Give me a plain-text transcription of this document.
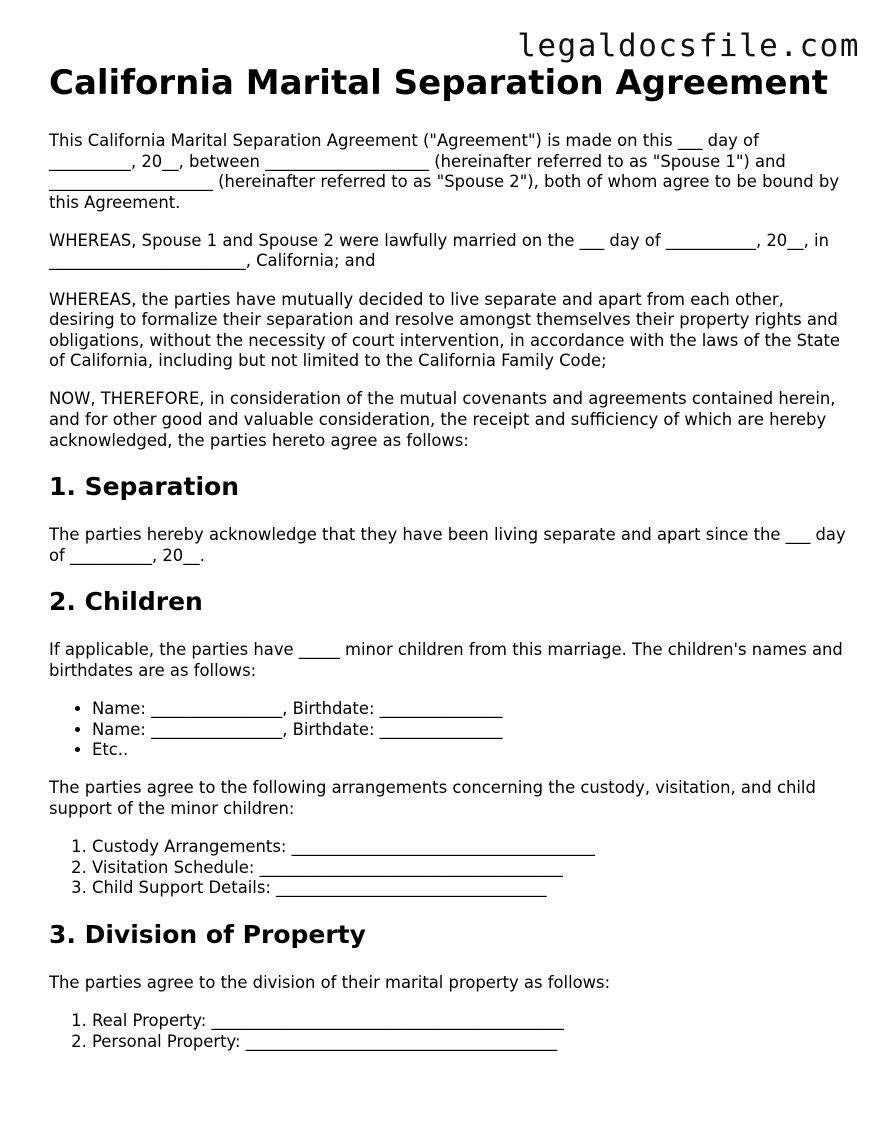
legaldocsfile.com
California Marital Separation Agreement

This California Marital Separation Agreement ("Agreement") is made on this ___ day of __________, 20__, between ____________________ (hereinafter referred to as "Spouse 1") and ____________________ (hereinafter referred to as "Spouse 2"), both of whom agree to be bound by this Agreement.

WHEREAS, Spouse 1 and Spouse 2 were lawfully married on the ___ day of ___________, 20__, in ________________________, California; and

WHEREAS, the parties have mutually decided to live separate and apart from each other, desiring to formalize their separation and resolve amongst themselves their property rights and obligations, without the necessity of court intervention, in accordance with the laws of the State of California, including but not limited to the California Family Code;

NOW, THEREFORE, in consideration of the mutual covenants and agreements contained herein, and for other good and valuable consideration, the receipt and sufficiency of which are hereby acknowledged, the parties hereto agree as follows:

1. Separation

The parties hereby acknowledge that they have been living separate and apart since the ___ day of __________, 20__.

2. Children

If applicable, the parties have _____ minor children from this marriage. The children's names and birthdates are as follows:

• Name: ________________, Birthdate: _______________
• Name: ________________, Birthdate: _______________
• Etc..

The parties agree to the following arrangements concerning the custody, visitation, and child support of the minor children:

1. Custody Arrangements: _____________________________________
2. Visitation Schedule: _____________________________________
3. Child Support Details: _________________________________
3. Division of Property

The parties agree to the division of their marital property as follows:

1. Real Property: ___________________________________________
2. Personal Property: ______________________________________
